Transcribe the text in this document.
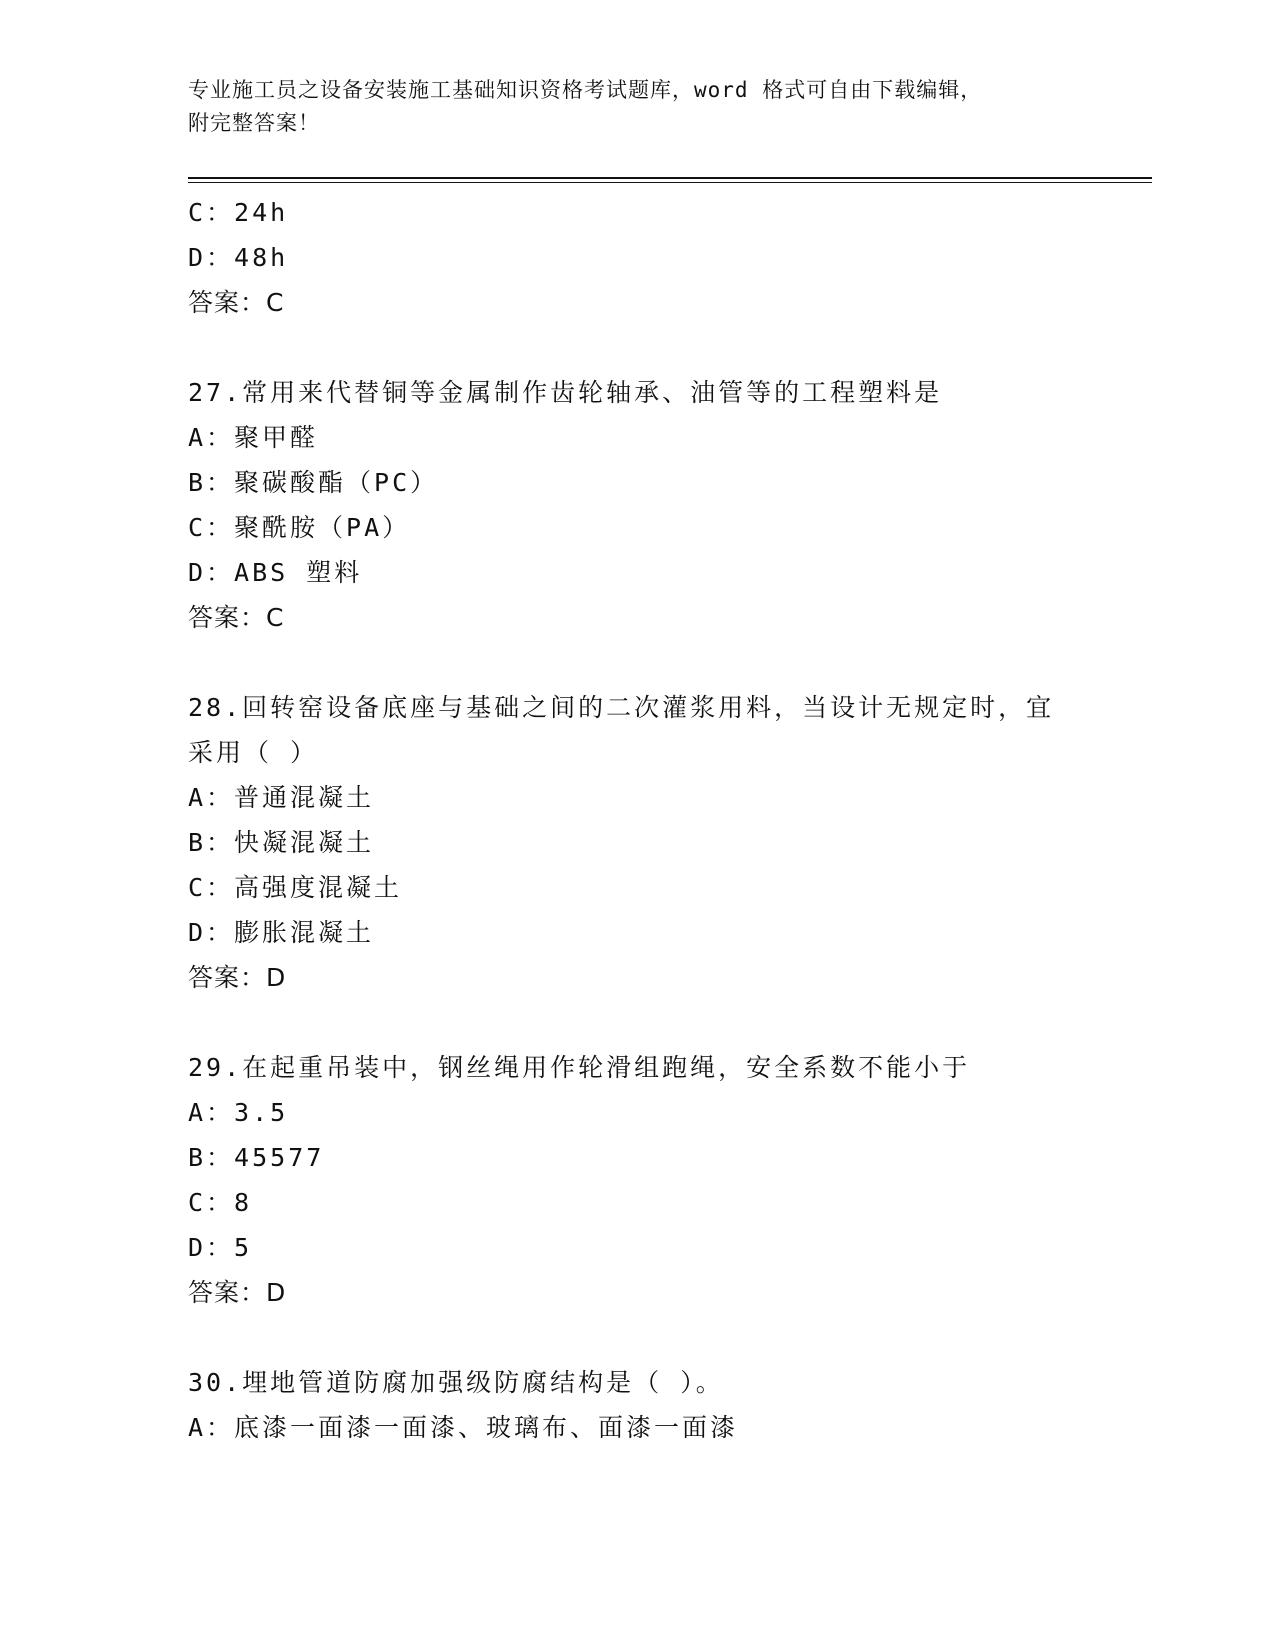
专业施工员之设备安装施工基础知识资格考试题库，word 格式可自由下载编辑，
附完整答案！
C：24h
D：48h
答案：C
27.常用来代替铜等金属制作齿轮轴承、油管等的工程塑料是
A：聚甲醛
B：聚碳酸酯（PC）
C：聚酰胺（PA）
D：ABS 塑料
答案：C
28.回转窑设备底座与基础之间的二次灌浆用料，当设计无规定时，宜
采用（ ）
A：普通混凝土
B：快凝混凝土
C：高强度混凝土
D：膨胀混凝土
答案：D
29.在起重吊装中，钢丝绳用作轮滑组跑绳，安全系数不能小于
A：3.5
B：45577
C：8
D：5
答案：D
30.埋地管道防腐加强级防腐结构是（ ）。
A：底漆一面漆一面漆、玻璃布、面漆一面漆
